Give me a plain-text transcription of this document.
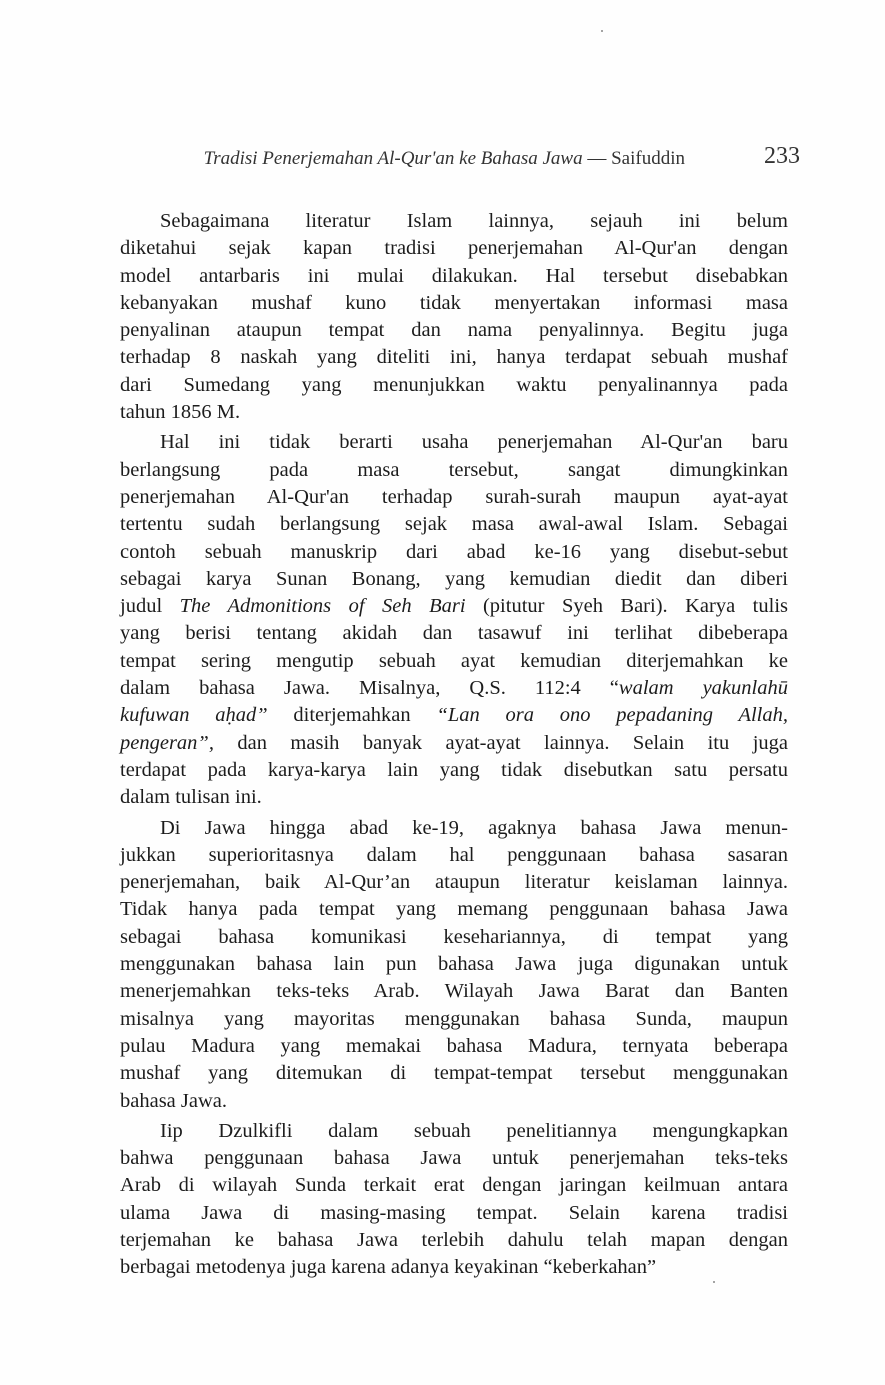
Tradisi Penerjemahan Al-Qur'an ke Bahasa Jawa — Saifuddin	233

Sebagaimana literatur Islam lainnya, sejauh ini belum
diketahui sejak kapan tradisi penerjemahan Al-Qur'an dengan
model antarbaris ini mulai dilakukan. Hal tersebut disebabkan
kebanyakan mushaf kuno tidak menyertakan informasi masa
penyalinan ataupun tempat dan nama penyalinnya. Begitu juga
terhadap 8 naskah yang diteliti ini, hanya terdapat sebuah mushaf
dari Sumedang yang menunjukkan waktu penyalinannya pada
tahun 1856 M.

Hal ini tidak berarti usaha penerjemahan Al-Qur'an baru
berlangsung pada masa tersebut, sangat dimungkinkan
penerjemahan Al-Qur'an terhadap surah-surah maupun ayat-ayat
tertentu sudah berlangsung sejak masa awal-awal Islam. Sebagai
contoh sebuah manuskrip dari abad ke-16 yang disebut-sebut
sebagai karya Sunan Bonang, yang kemudian diedit dan diberi
judul The Admonitions of Seh Bari (pitutur Syeh Bari). Karya tulis
yang berisi tentang akidah dan tasawuf ini terlihat dibeberapa
tempat sering mengutip sebuah ayat kemudian diterjemahkan ke
dalam bahasa Jawa. Misalnya, Q.S. 112:4 “walam yakunlahū
kufuwan aḥad” diterjemahkan “Lan ora ono pepadaning Allah,
pengeran”, dan masih banyak ayat-ayat lainnya. Selain itu juga
terdapat pada karya-karya lain yang tidak disebutkan satu persatu
dalam tulisan ini.

Di Jawa hingga abad ke-19, agaknya bahasa Jawa menun-
jukkan superioritasnya dalam hal penggunaan bahasa sasaran
penerjemahan, baik Al-Qur’an ataupun literatur keislaman lainnya.
Tidak hanya pada tempat yang memang penggunaan bahasa Jawa
sebagai bahasa komunikasi kesehariannya, di tempat yang
menggunakan bahasa lain pun bahasa Jawa juga digunakan untuk
menerjemahkan teks-teks Arab. Wilayah Jawa Barat dan Banten
misalnya yang mayoritas menggunakan bahasa Sunda, maupun
pulau Madura yang memakai bahasa Madura, ternyata beberapa
mushaf yang ditemukan di tempat-tempat tersebut menggunakan
bahasa Jawa.

Iip Dzulkifli dalam sebuah penelitiannya mengungkapkan
bahwa penggunaan bahasa Jawa untuk penerjemahan teks-teks
Arab di wilayah Sunda terkait erat dengan jaringan keilmuan antara
ulama Jawa di masing-masing tempat. Selain karena tradisi
terjemahan ke bahasa Jawa terlebih dahulu telah mapan dengan
berbagai metodenya juga karena adanya keyakinan “keberkahan”
